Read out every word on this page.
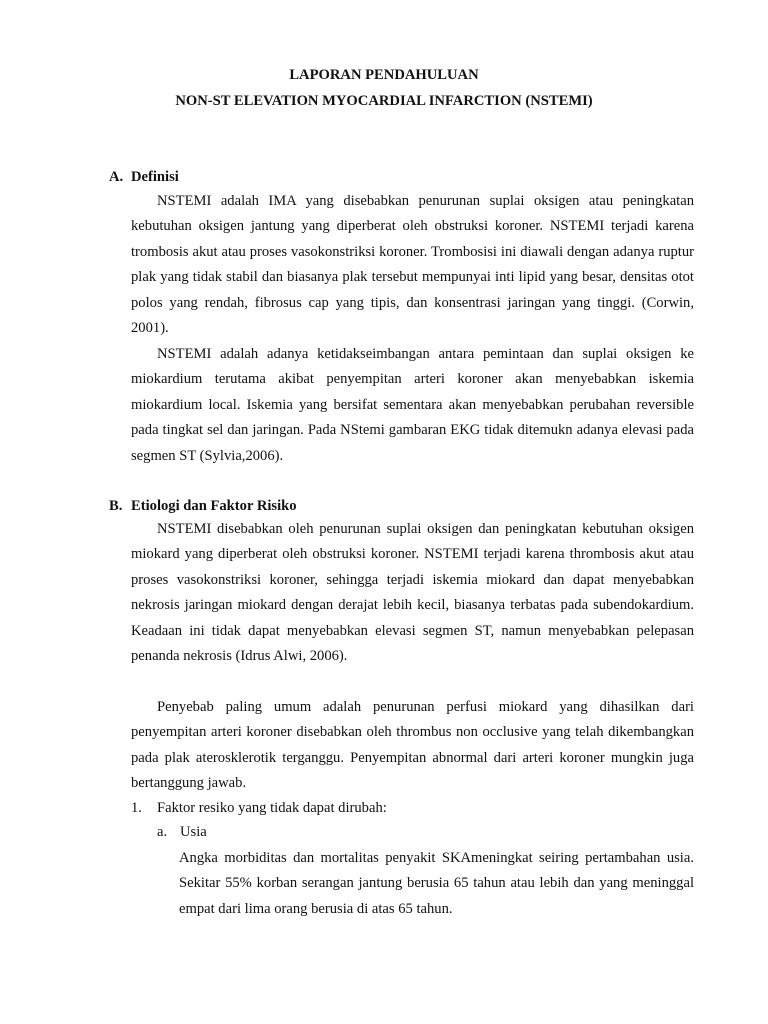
LAPORAN PENDAHULUAN

NON-ST ELEVATION MYOCARDIAL INFARCTION (NSTEMI)

A. Definisi

NSTEMI adalah IMA yang disebabkan penurunan suplai oksigen atau peningkatan kebutuhan oksigen jantung yang diperberat oleh obstruksi koroner. NSTEMI terjadi karena trombosis akut atau proses vasokonstriksi koroner. Trombosisi ini diawali dengan adanya ruptur plak yang tidak stabil dan biasanya plak tersebut mempunyai inti lipid yang besar, densitas otot polos yang rendah, fibrosus cap yang tipis, dan konsentrasi jaringan yang tinggi. (Corwin, 2001).

NSTEMI adalah adanya ketidakseimbangan antara pemintaan dan suplai oksigen ke miokardium terutama akibat penyempitan arteri koroner akan menyebabkan iskemia miokardium local. Iskemia yang bersifat sementara akan menyebabkan perubahan reversible pada tingkat sel dan jaringan. Pada NStemi gambaran EKG tidak ditemukn adanya elevasi pada segmen ST (Sylvia,2006).

B. Etiologi dan Faktor Risiko

NSTEMI disebabkan oleh penurunan suplai oksigen dan peningkatan kebutuhan oksigen miokard yang diperberat oleh obstruksi koroner. NSTEMI terjadi karena thrombosis akut atau proses vasokonstriksi koroner, sehingga terjadi iskemia miokard dan dapat menyebabkan nekrosis jaringan miokard dengan derajat lebih kecil, biasanya terbatas pada subendokardium. Keadaan ini tidak dapat menyebabkan elevasi segmen ST, namun menyebabkan pelepasan penanda nekrosis (Idrus Alwi, 2006).

Penyebab paling umum adalah penurunan perfusi miokard yang dihasilkan dari penyempitan arteri koroner disebabkan oleh thrombus non occlusive yang telah dikembangkan pada plak aterosklerotik terganggu. Penyempitan abnormal dari arteri koroner mungkin juga bertanggung jawab.

1. Faktor resiko yang tidak dapat dirubah:

a. Usia

Angka morbiditas dan mortalitas penyakit SKAmeningkat seiring pertambahan usia. Sekitar 55% korban serangan jantung berusia 65 tahun atau lebih dan yang meninggal empat dari lima orang berusia di atas 65 tahun.
